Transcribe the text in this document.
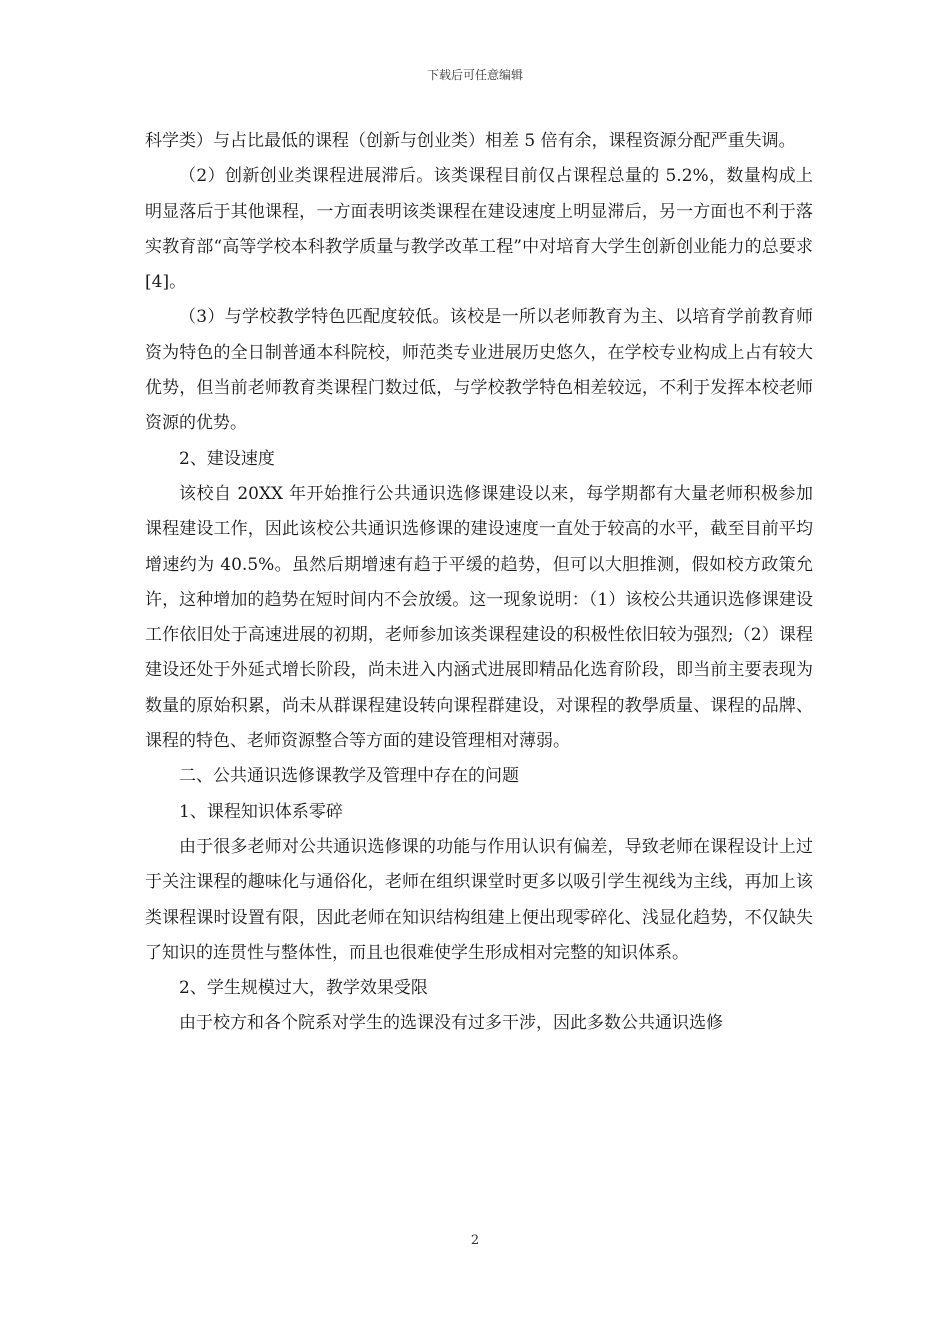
下载后可任意编辑

科学类）与占比最低的课程（创新与创业类）相差 5 倍有余，课程资源分配严重失调。

（2）创新创业类课程进展滞后。该类课程目前仅占课程总量的 5.2%，数量构成上明显落后于其他课程，一方面表明该类课程在建设速度上明显滞后，另一方面也不利于落实教育部“高等学校本科教学质量与教学改革工程”中对培育大学生创新创业能力的总要求[4]。

（3）与学校教学特色匹配度较低。该校是一所以老师教育为主、以培育学前教育师资为特色的全日制普通本科院校，师范类专业进展历史悠久，在学校专业构成上占有较大优势，但当前老师教育类课程门数过低，与学校教学特色相差较远，不利于发挥本校老师资源的优势。

2、建设速度

该校自 20XX 年开始推行公共通识选修课建设以来，每学期都有大量老师积极参加课程建设工作，因此该校公共通识选修课的建设速度一直处于较高的水平，截至目前平均增速约为 40.5%。虽然后期增速有趋于平缓的趋势，但可以大胆推测，假如校方政策允许，这种增加的趋势在短时间内不会放缓。这一现象说明：（1）该校公共通识选修课建设工作依旧处于高速进展的初期，老师参加该类课程建设的积极性依旧较为强烈;（2）课程建设还处于外延式增长阶段，尚未进入内涵式进展即精品化选育阶段，即当前主要表现为数量的原始积累，尚未从群课程建设转向课程群建设，对课程的教學质量、课程的品牌、课程的特色、老师资源整合等方面的建设管理相对薄弱。

二、公共通识选修课教学及管理中存在的问题

1、课程知识体系零碎

由于很多老师对公共通识选修课的功能与作用认识有偏差，导致老师在课程设计上过于关注课程的趣味化与通俗化，老师在组织课堂时更多以吸引学生视线为主线，再加上该类课程课时设置有限，因此老师在知识结构组建上便出现零碎化、浅显化趋势，不仅缺失了知识的连贯性与整体性，而且也很难使学生形成相对完整的知识体系。

2、学生规模过大，教学效果受限

由于校方和各个院系对学生的选课没有过多干涉，因此多数公共通识选修

2
